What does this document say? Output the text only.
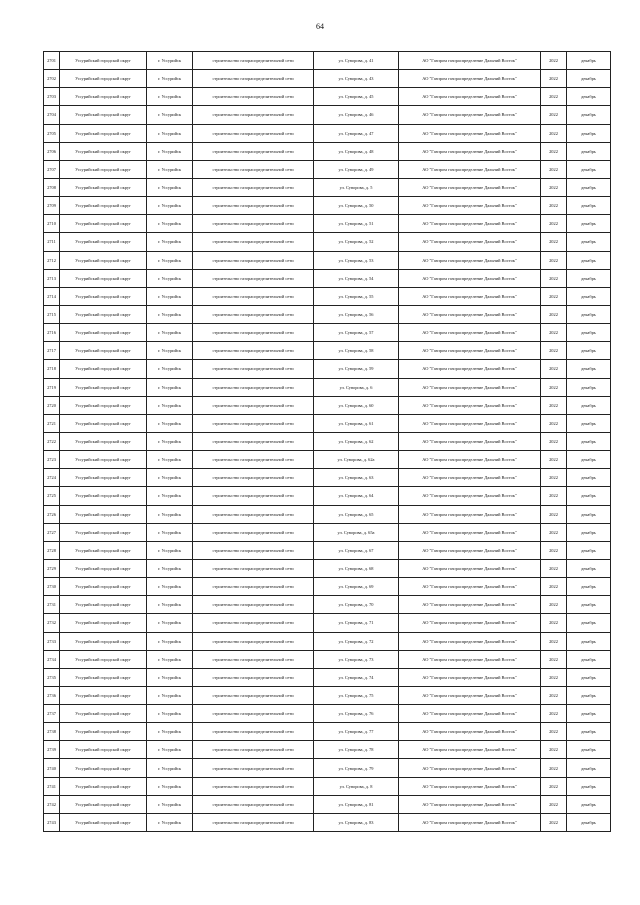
64
2701	Уссурийский городской округ	г. Уссурийск	строительство газораспределительной сети	ул. Суворова, д. 41	АО "Газпром газораспределение Дальний Восток"	2022	декабрь
2702	Уссурийский городской округ	г. Уссурийск	строительство газораспределительной сети	ул. Суворова, д. 43	АО "Газпром газораспределение Дальний Восток"	2022	декабрь
2703	Уссурийский городской округ	г. Уссурийск	строительство газораспределительной сети	ул. Суворова, д. 45	АО "Газпром газораспределение Дальний Восток"	2022	декабрь
2704	Уссурийский городской округ	г. Уссурийск	строительство газораспределительной сети	ул. Суворова, д. 46	АО "Газпром газораспределение Дальний Восток"	2022	декабрь
2705	Уссурийский городской округ	г. Уссурийск	строительство газораспределительной сети	ул. Суворова, д. 47	АО "Газпром газораспределение Дальний Восток"	2022	декабрь
2706	Уссурийский городской округ	г. Уссурийск	строительство газораспределительной сети	ул. Суворова, д. 48	АО "Газпром газораспределение Дальний Восток"	2022	декабрь
2707	Уссурийский городской округ	г. Уссурийск	строительство газораспределительной сети	ул. Суворова, д. 49	АО "Газпром газораспределение Дальний Восток"	2022	декабрь
2708	Уссурийский городской округ	г. Уссурийск	строительство газораспределительной сети	ул. Суворова, д. 5	АО "Газпром газораспределение Дальний Восток"	2022	декабрь
2709	Уссурийский городской округ	г. Уссурийск	строительство газораспределительной сети	ул. Суворова, д. 50	АО "Газпром газораспределение Дальний Восток"	2022	декабрь
2710	Уссурийский городской округ	г. Уссурийск	строительство газораспределительной сети	ул. Суворова, д. 51	АО "Газпром газораспределение Дальний Восток"	2022	декабрь
2711	Уссурийский городской округ	г. Уссурийск	строительство газораспределительной сети	ул. Суворова, д. 52	АО "Газпром газораспределение Дальний Восток"	2022	декабрь
2712	Уссурийский городской округ	г. Уссурийск	строительство газораспределительной сети	ул. Суворова, д. 53	АО "Газпром газораспределение Дальний Восток"	2022	декабрь
2713	Уссурийский городской округ	г. Уссурийск	строительство газораспределительной сети	ул. Суворова, д. 54	АО "Газпром газораспределение Дальний Восток"	2022	декабрь
2714	Уссурийский городской округ	г. Уссурийск	строительство газораспределительной сети	ул. Суворова, д. 55	АО "Газпром газораспределение Дальний Восток"	2022	декабрь
2715	Уссурийский городской округ	г. Уссурийск	строительство газораспределительной сети	ул. Суворова, д. 56	АО "Газпром газораспределение Дальний Восток"	2022	декабрь
2716	Уссурийский городской округ	г. Уссурийск	строительство газораспределительной сети	ул. Суворова, д. 57	АО "Газпром газораспределение Дальний Восток"	2022	декабрь
2717	Уссурийский городской округ	г. Уссурийск	строительство газораспределительной сети	ул. Суворова, д. 58	АО "Газпром газораспределение Дальний Восток"	2022	декабрь
2718	Уссурийский городской округ	г. Уссурийск	строительство газораспределительной сети	ул. Суворова, д. 59	АО "Газпром газораспределение Дальний Восток"	2022	декабрь
2719	Уссурийский городской округ	г. Уссурийск	строительство газораспределительной сети	ул. Суворова, д. 6	АО "Газпром газораспределение Дальний Восток"	2022	декабрь
2720	Уссурийский городской округ	г. Уссурийск	строительство газораспределительной сети	ул. Суворова, д. 60	АО "Газпром газораспределение Дальний Восток"	2022	декабрь
2721	Уссурийский городской округ	г. Уссурийск	строительство газораспределительной сети	ул. Суворова, д. 61	АО "Газпром газораспределение Дальний Восток"	2022	декабрь
2722	Уссурийский городской округ	г. Уссурийск	строительство газораспределительной сети	ул. Суворова, д. 62	АО "Газпром газораспределение Дальний Восток"	2022	декабрь
2723	Уссурийский городской округ	г. Уссурийск	строительство газораспределительной сети	ул. Суворова, д. 62а	АО "Газпром газораспределение Дальний Восток"	2022	декабрь
2724	Уссурийский городской округ	г. Уссурийск	строительство газораспределительной сети	ул. Суворова, д. 63	АО "Газпром газораспределение Дальний Восток"	2022	декабрь
2725	Уссурийский городской округ	г. Уссурийск	строительство газораспределительной сети	ул. Суворова, д. 64	АО "Газпром газораспределение Дальний Восток"	2022	декабрь
2726	Уссурийский городской округ	г. Уссурийск	строительство газораспределительной сети	ул. Суворова, д. 65	АО "Газпром газораспределение Дальний Восток"	2022	декабрь
2727	Уссурийский городской округ	г. Уссурийск	строительство газораспределительной сети	ул. Суворова, д. 65а	АО "Газпром газораспределение Дальний Восток"	2022	декабрь
2728	Уссурийский городской округ	г. Уссурийск	строительство газораспределительной сети	ул. Суворова, д. 67	АО "Газпром газораспределение Дальний Восток"	2022	декабрь
2729	Уссурийский городской округ	г. Уссурийск	строительство газораспределительной сети	ул. Суворова, д. 68	АО "Газпром газораспределение Дальний Восток"	2022	декабрь
2730	Уссурийский городской округ	г. Уссурийск	строительство газораспределительной сети	ул. Суворова, д. 69	АО "Газпром газораспределение Дальний Восток"	2022	декабрь
2731	Уссурийский городской округ	г. Уссурийск	строительство газораспределительной сети	ул. Суворова, д. 70	АО "Газпром газораспределение Дальний Восток"	2022	декабрь
2732	Уссурийский городской округ	г. Уссурийск	строительство газораспределительной сети	ул. Суворова, д. 71	АО "Газпром газораспределение Дальний Восток"	2022	декабрь
2733	Уссурийский городской округ	г. Уссурийск	строительство газораспределительной сети	ул. Суворова, д. 72	АО "Газпром газораспределение Дальний Восток"	2022	декабрь
2734	Уссурийский городской округ	г. Уссурийск	строительство газораспределительной сети	ул. Суворова, д. 73	АО "Газпром газораспределение Дальний Восток"	2022	декабрь
2735	Уссурийский городской округ	г. Уссурийск	строительство газораспределительной сети	ул. Суворова, д. 74	АО "Газпром газораспределение Дальний Восток"	2022	декабрь
2736	Уссурийский городской округ	г. Уссурийск	строительство газораспределительной сети	ул. Суворова, д. 75	АО "Газпром газораспределение Дальний Восток"	2022	декабрь
2737	Уссурийский городской округ	г. Уссурийск	строительство газораспределительной сети	ул. Суворова, д. 76	АО "Газпром газораспределение Дальний Восток"	2022	декабрь
2738	Уссурийский городской округ	г. Уссурийск	строительство газораспределительной сети	ул. Суворова, д. 77	АО "Газпром газораспределение Дальний Восток"	2022	декабрь
2739	Уссурийский городской округ	г. Уссурийск	строительство газораспределительной сети	ул. Суворова, д. 78	АО "Газпром газораспределение Дальний Восток"	2022	декабрь
2740	Уссурийский городской округ	г. Уссурийск	строительство газораспределительной сети	ул. Суворова, д. 79	АО "Газпром газораспределение Дальний Восток"	2022	декабрь
2741	Уссурийский городской округ	г. Уссурийск	строительство газораспределительной сети	ул. Суворова, д. 8	АО "Газпром газораспределение Дальний Восток"	2022	декабрь
2742	Уссурийский городской округ	г. Уссурийск	строительство газораспределительной сети	ул. Суворова, д. 81	АО "Газпром газораспределение Дальний Восток"	2022	декабрь
2743	Уссурийский городской округ	г. Уссурийск	строительство газораспределительной сети	ул. Суворова, д. 83	АО "Газпром газораспределение Дальний Восток"	2022	декабрь
